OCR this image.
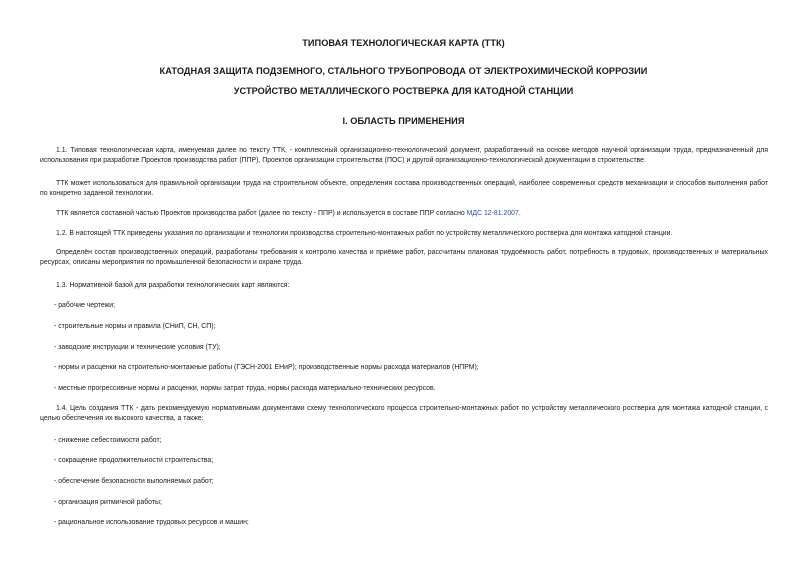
ТИПОВАЯ ТЕХНОЛОГИЧЕСКАЯ КАРТА (ТТК)
КАТОДНАЯ ЗАЩИТА ПОДЗЕМНОГО, СТАЛЬНОГО ТРУБОПРОВОДА ОТ ЭЛЕКТРОХИМИЧЕСКОЙ КОРРОЗИИ
УСТРОЙСТВО МЕТАЛЛИЧЕСКОГО РОСТВЕРКА ДЛЯ КАТОДНОЙ СТАНЦИИ
I. ОБЛАСТЬ ПРИМЕНЕНИЯ

1.1. Типовая технологическая карта, именуемая далее по тексту ТТК, - комплексный организационно-технологический документ, разработанный на основе методов научной организации труда, предназначенный для использования при разработке Проектов производства работ (ППР), Проектов организации строительства (ПОС) и другой организационно-технологической документации в строительстве.

ТТК может использоваться для правильной организации труда на строительном объекте, определения состава производственных операций, наиболее современных средств механизации и способов выполнения работ по конкретно заданной технологии.

ТТК является составной частью Проектов производства работ (далее по тексту - ППР) и используется в составе ППР согласно МДС 12-81.2007.

1.2. В настоящей ТТК приведены указания по организации и технологии производства строительно-монтажных работ по устройству металлического ростверка для монтажа катодной станции.

Определён состав производственных операций, разработаны требования к контролю качества и приёмке работ, рассчитаны плановая трудоёмкость работ, потребность в трудовых, производственных и материальных ресурсах, описаны мероприятия по промышленной безопасности и охране труда.

1.3. Нормативной базой для разработки технологических карт являются:

- рабочие чертежи;

- строительные нормы и правила (СНиП, СН, СП);

- заводские инструкции и технические условия (ТУ);

- нормы и расценки на строительно-монтажные работы (ГЭСН-2001 ЕНиР); производственные нормы расхода материалов (НПРМ);

- местные прогрессивные нормы и расценки, нормы затрат труда, нормы расхода материально-технических ресурсов.

1.4. Цель создания ТТК - дать рекомендуемую нормативными документами схему технологического процесса строительно-монтажных работ по устройству металлического ростверка для монтажа катодной станции, с целью обеспечения их высокого качества, а также:

- снижение себестоимости работ;

- сокращение продолжительности строительства;

- обеспечение безопасности выполняемых работ;

- организация ритмичной работы;

- рациональное использование трудовых ресурсов и машин;
